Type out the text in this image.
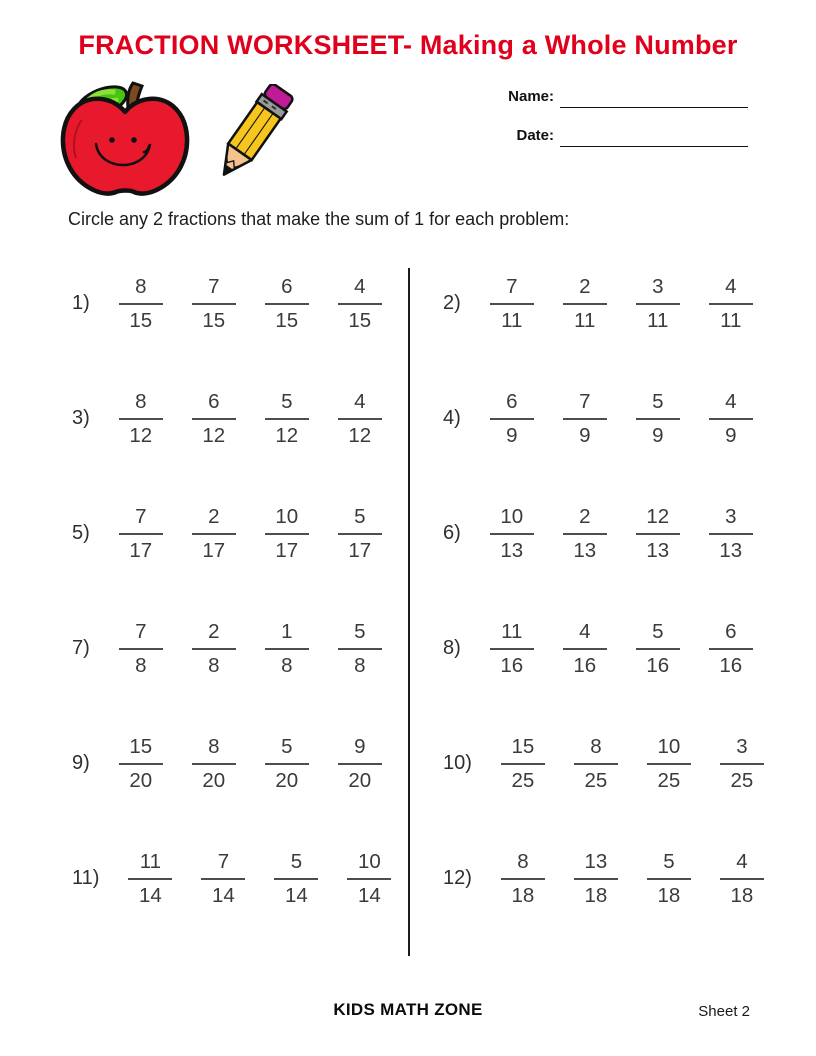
FRACTION WORKSHEET- Making a Whole Number
Name:
Date:
Circle any 2 fractions that make the sum of 1 for each problem:
$1) \frac{8}{15} \frac{7}{15} \frac{6}{15} \frac{4}{15}$	$2) \frac{7}{11} \frac{2}{11} \frac{3}{11} \frac{4}{11}$
$3) \frac{8}{12} \frac{6}{12} \frac{5}{12} \frac{4}{12}$	$4) \frac{6}{9} \frac{7}{9} \frac{5}{9} \frac{4}{9}$
$5) \frac{7}{17} \frac{2}{17} \frac{10}{17} \frac{5}{17}$	$6) \frac{10}{13} \frac{2}{13} \frac{12}{13} \frac{3}{13}$
$7) \frac{7}{8} \frac{2}{8} \frac{1}{8} \frac{5}{8}$	$8) \frac{11}{16} \frac{4}{16} \frac{5}{16} \frac{6}{16}$
$9) \frac{15}{20} \frac{8}{20} \frac{5}{20} \frac{9}{20}$	$10) \frac{15}{25} \frac{8}{25} \frac{10}{25} \frac{3}{25}$
$11) \frac{11}{14} \frac{7}{14} \frac{5}{14} \frac{10}{14}$	$12) \frac{8}{18} \frac{13}{18} \frac{5}{18} \frac{4}{18}$
KIDS MATH ZONE	Sheet 2
